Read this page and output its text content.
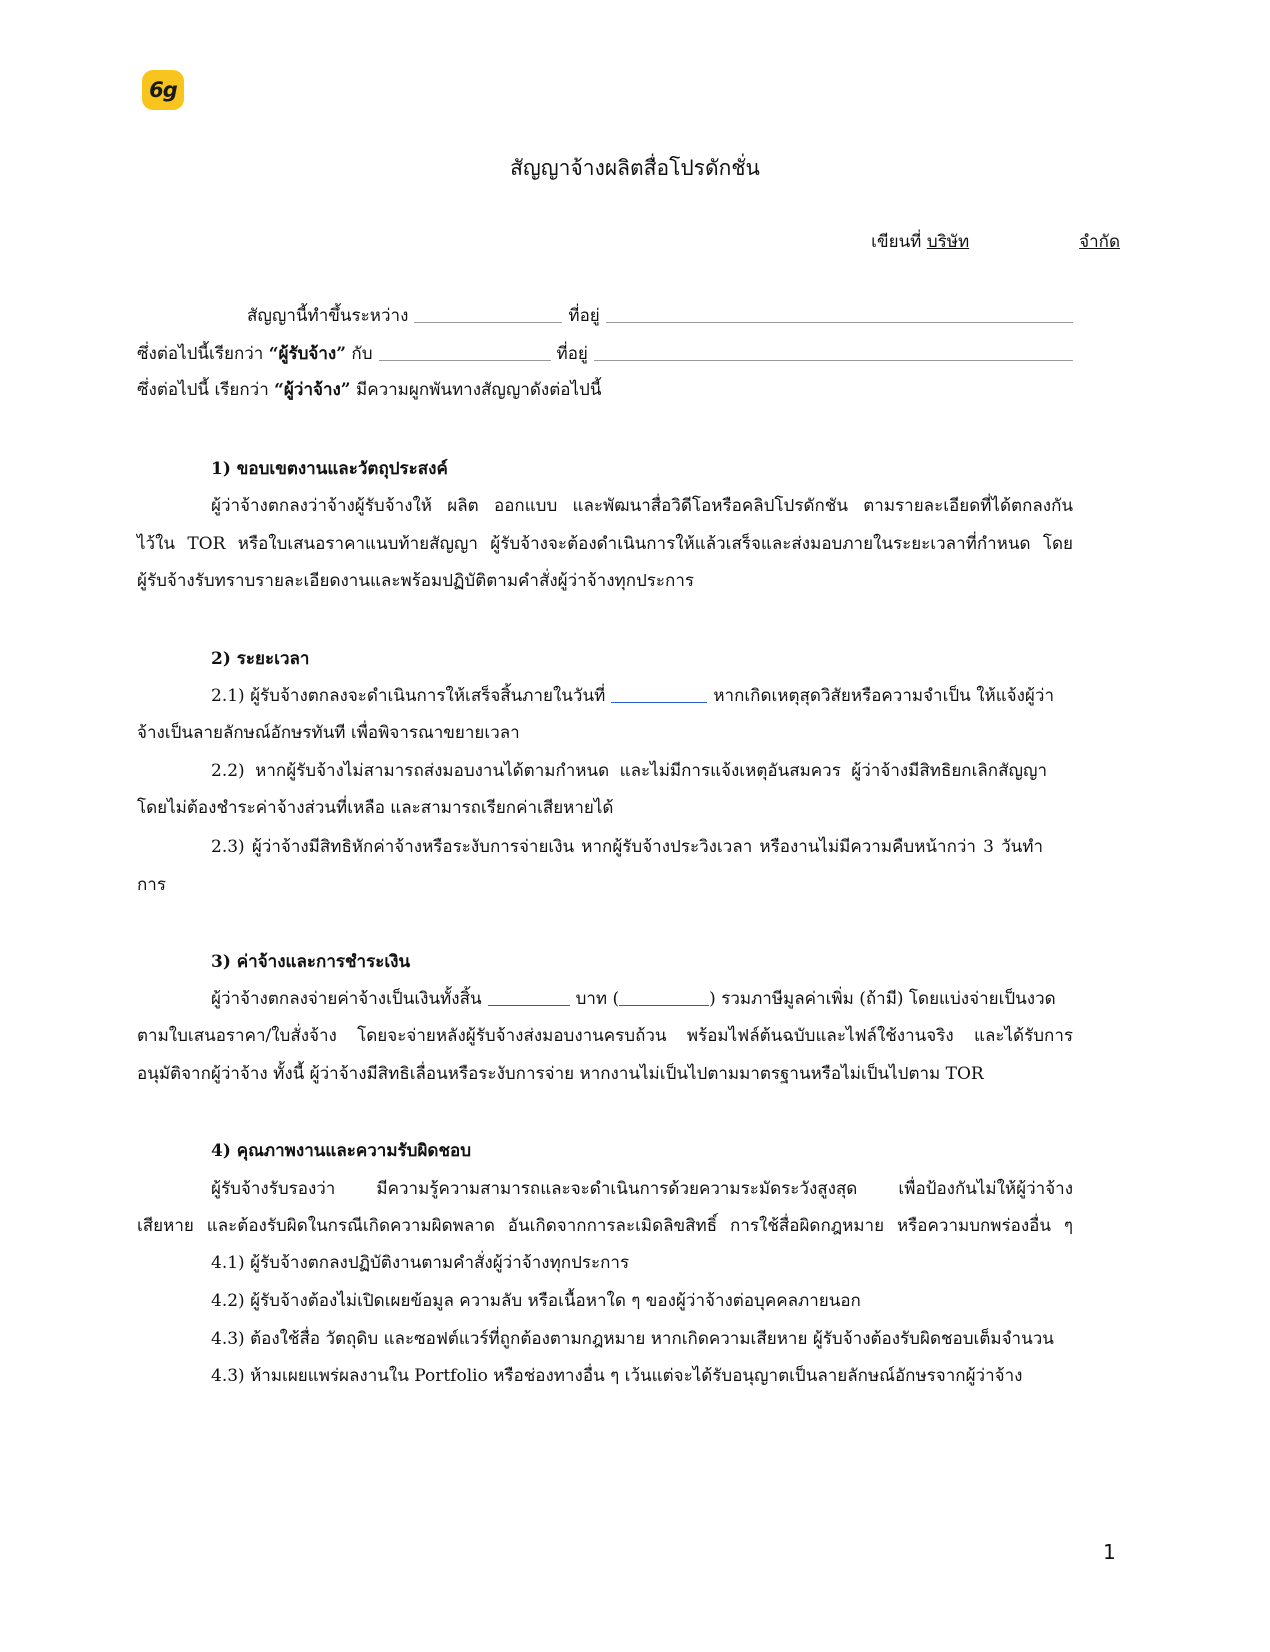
6g
สัญญาจ้างผลิตสื่อโปรดักชั่น
เขียนที่ บริษัท	จำกัด
สัญญานี้ทำขึ้นระหว่าง	ที่อยู่
ซึ่งต่อไปนี้เรียกว่า
“ผู้รับจ้าง”
กับ	ที่อยู่
ซึ่งต่อไปนี้ เรียกว่า “ผู้ว่าจ้าง” มีความผูกพันทางสัญญาดังต่อไปนี้
1) ขอบเขตงานและวัตถุประสงค์
ผู้ว่าจ้างตกลงว่าจ้างผู้รับจ้างให้ ผลิต ออกแบบ และพัฒนาสื่อวิดีโอหรือคลิปโปรดักชัน ตามรายละเอียดที่ได้ตกลงกัน
ไว้ใน TOR หรือใบเสนอราคาแนบท้ายสัญญา ผู้รับจ้างจะต้องดำเนินการให้แล้วเสร็จและส่งมอบภายในระยะเวลาที่กำหนด โดย
ผู้รับจ้างรับทราบรายละเอียดงานและพร้อมปฏิบัติตามคำสั่งผู้ว่าจ้างทุกประการ
2) ระยะเวลา
2.1) ผู้รับจ้างตกลงจะดำเนินการให้เสร็จสิ้นภายในวันที่	หากเกิดเหตุสุดวิสัยหรือความจำเป็น ให้แจ้งผู้ว่า
จ้างเป็นลายลักษณ์อักษรทันที เพื่อพิจารณาขยายเวลา
2.2) หากผู้รับจ้างไม่สามารถส่งมอบงานได้ตามกำหนด และไม่มีการแจ้งเหตุอันสมควร ผู้ว่าจ้างมีสิทธิยกเลิกสัญญา
โดยไม่ต้องชำระค่าจ้างส่วนที่เหลือ และสามารถเรียกค่าเสียหายได้
2.3) ผู้ว่าจ้างมีสิทธิหักค่าจ้างหรือระงับการจ่ายเงิน หากผู้รับจ้างประวิงเวลา หรืองานไม่มีความคืบหน้ากว่า 3 วันทำ
การ
3) ค่าจ้างและการชำระเงิน
ผู้ว่าจ้างตกลงจ่ายค่าจ้างเป็นเงินทั้งสิ้น	บาท (	) รวมภาษีมูลค่าเพิ่ม (ถ้ามี) โดยแบ่งจ่ายเป็นงวด
ตามใบเสนอราคา/ใบสั่งจ้าง โดยจะจ่ายหลังผู้รับจ้างส่งมอบงานครบถ้วน พร้อมไฟล์ต้นฉบับและไฟล์ใช้งานจริง และได้รับการ
อนุมัติจากผู้ว่าจ้าง ทั้งนี้ ผู้ว่าจ้างมีสิทธิเลื่อนหรือระงับการจ่าย หากงานไม่เป็นไปตามมาตรฐานหรือไม่เป็นไปตาม TOR
4) คุณภาพงานและความรับผิดชอบ
ผู้รับจ้างรับรองว่า มีความรู้ความสามารถและจะดำเนินการด้วยความระมัดระวังสูงสุด เพื่อป้องกันไม่ให้ผู้ว่าจ้าง
เสียหาย และต้องรับผิดในกรณีเกิดความผิดพลาด อันเกิดจากการละเมิดลิขสิทธิ์ การใช้สื่อผิดกฎหมาย หรือความบกพร่องอื่น ๆ
4.1) ผู้รับจ้างตกลงปฏิบัติงานตามคำสั่งผู้ว่าจ้างทุกประการ
4.2) ผู้รับจ้างต้องไม่เปิดเผยข้อมูล ความลับ หรือเนื้อหาใด ๆ ของผู้ว่าจ้างต่อบุคคลภายนอก
4.3) ต้องใช้สื่อ วัตถุดิบ และซอฟต์แวร์ที่ถูกต้องตามกฎหมาย หากเกิดความเสียหาย ผู้รับจ้างต้องรับผิดชอบเต็มจำนวน
4.3) ห้ามเผยแพร่ผลงานใน Portfolio หรือช่องทางอื่น ๆ เว้นแต่จะได้รับอนุญาตเป็นลายลักษณ์อักษรจากผู้ว่าจ้าง
1
